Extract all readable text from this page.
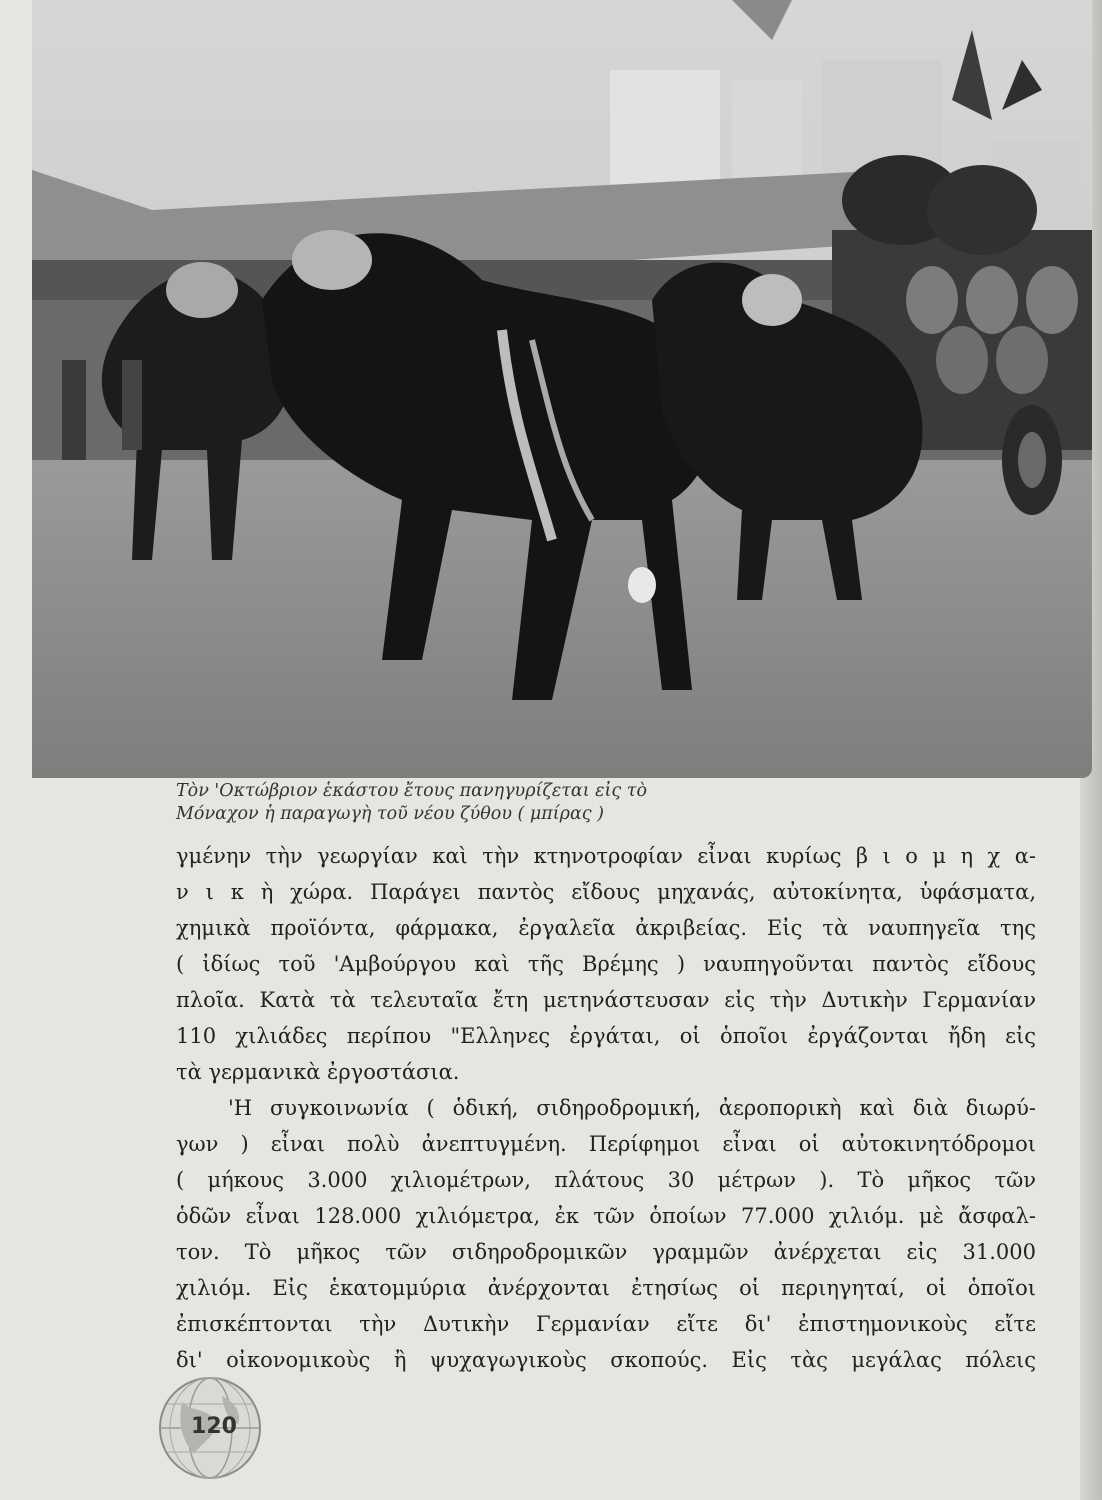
Τὸν 'Οκτώβριον ἑκάστου ἔτους πανηγυρίζεται εἰς τὸ
Μόναχον ἡ παραγωγὴ τοῦ νέου ζύθου ( μπίρας )
γμένην τὴν γεωργίαν καὶ τὴν κτηνοτροφίαν εἶναι κυρίως β ι ο μ η χ α-
ν ι κ ὴ χώρα. Παράγει παντὸς εἴδους μηχανάς, αὐτοκίνητα, ὑφάσματα,
χημικὰ προϊόντα, φάρμακα, ἐργαλεῖα ἀκριβείας. Εἰς τὰ ναυπηγεῖα της
( ἰδίως τοῦ 'Αμβούργου καὶ τῆς Βρέμης ) ναυπηγοῦνται παντὸς εἴδους
πλοῖα. Κατὰ τὰ τελευταῖα ἔτη μετηνάστευσαν εἰς τὴν Δυτικὴν Γερμανίαν
110 χιλιάδες περίπου "Ελληνες ἐργάται, οἱ ὁποῖοι ἐργάζονται ἤδη εἰς
τὰ γερμανικὰ ἐργοστάσια.
'Η συγκοινωνία ( ὁδική, σιδηροδρομική, ἀεροπορικὴ καὶ διὰ διωρύ-
γων ) εἶναι πολὺ ἀνεπτυγμένη. Περίφημοι εἶναι οἱ αὐτοκινητόδρομοι
( μήκους 3.000 χιλιομέτρων, πλάτους 30 μέτρων ). Τὸ μῆκος τῶν
ὁδῶν εἶναι 128.000 χιλιόμετρα, ἐκ τῶν ὁποίων 77.000 χιλιόμ. μὲ ἄσφαλ-
τον. Τὸ μῆκος τῶν σιδηροδρομικῶν γραμμῶν ἀνέρχεται εἰς 31.000
χιλιόμ. Εἰς ἑκατομμύρια ἀνέρχονται ἐτησίως οἱ περιηγηταί, οἱ ὁποῖοι
ἐπισκέπτονται τὴν Δυτικὴν Γερμανίαν εἴτε δι' ἐπιστημονικοὺς εἴτε
δι' οἰκονομικοὺς ἢ ψυχαγωγικοὺς σκοπούς. Εἰς τὰς μεγάλας πόλεις
120
